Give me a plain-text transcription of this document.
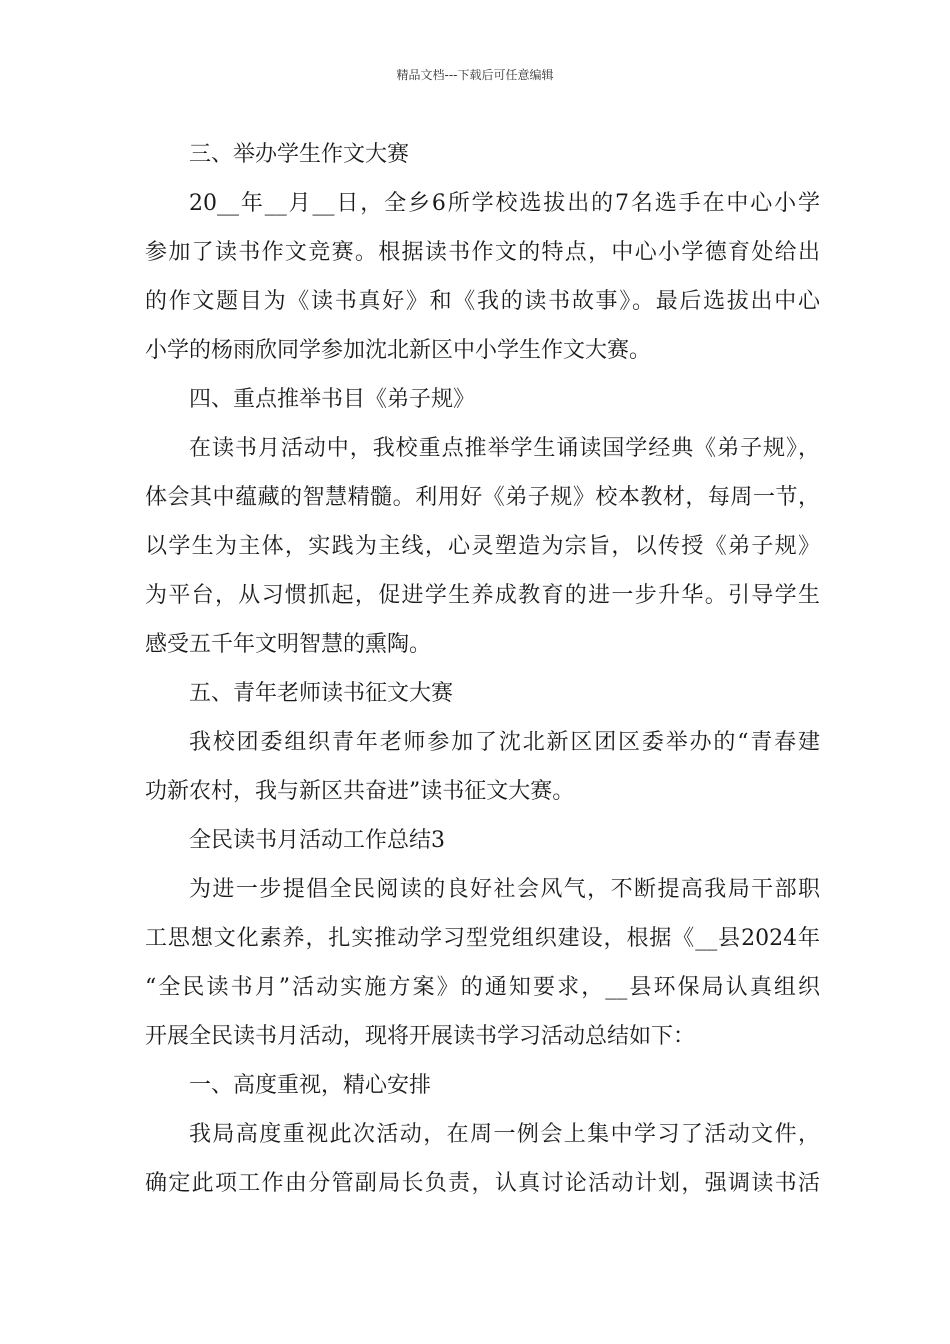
精品文档---下载后可任意编辑
三、举办学生作文大赛
20__年__月__日，全乡6所学校选拔出的7名选手在中心小学
参加了读书作文竞赛。根据读书作文的特点，中心小学德育处给出
的作文题目为《读书真好》和《我的读书故事》。最后选拔出中心
小学的杨雨欣同学参加沈北新区中小学生作文大赛。
四、重点推举书目《弟子规》
在读书月活动中，我校重点推举学生诵读国学经典《弟子规》，
体会其中蕴藏的智慧精髓。利用好《弟子规》校本教材，每周一节，
以学生为主体，实践为主线，心灵塑造为宗旨，以传授《弟子规》
为平台，从习惯抓起，促进学生养成教育的进一步升华。引导学生
感受五千年文明智慧的熏陶。
五、青年老师读书征文大赛
我校团委组织青年老师参加了沈北新区团区委举办的“青春建
功新农村，我与新区共奋进”读书征文大赛。
全民读书月活动工作总结3
为进一步提倡全民阅读的良好社会风气，不断提高我局干部职
工思想文化素养，扎实推动学习型党组织建设，根据《__县2024年
“全民读书月”活动实施方案》的通知要求，__县环保局认真组织
开展全民读书月活动，现将开展读书学习活动总结如下：
一、高度重视，精心安排
我局高度重视此次活动，在周一例会上集中学习了活动文件，
确定此项工作由分管副局长负责，认真讨论活动计划，强调读书活
